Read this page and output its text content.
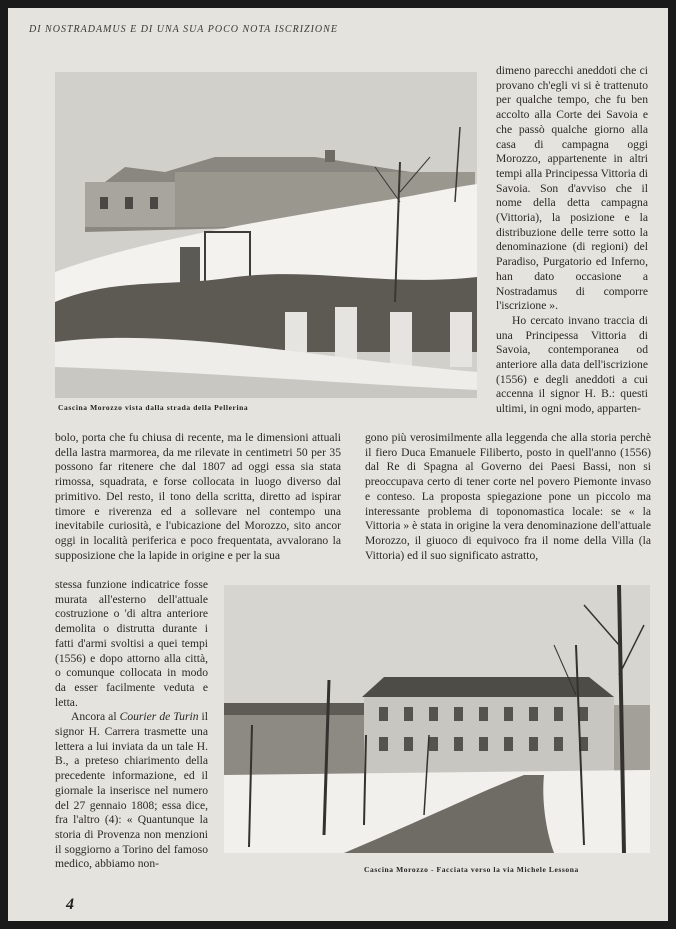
DI NOSTRADAMUS E DI UNA SUA POCO NOTA ISCRIZIONE
Cascina Morozzo vista dalla strada della Pellerina

dimeno parecchi aneddoti che ci provano ch'egli vi si è trattenuto per qualche tempo, che fu ben accolto alla Corte dei Savoia e che passò qualche giorno alla casa di campagna oggi Morozzo, appartenente in altri tempi alla Principessa Vittoria di Savoia. Son d'avviso che il nome della detta campagna (Vittoria), la posizione e la distribuzione delle terre sotto la denominazione (di regioni) del Paradiso, Purgatorio ed Inferno, han dato occasione a Nostradamus di comporre l'iscrizione ».

Ho cercato invano traccia di una Principessa Vittoria di Savoia, contemporanea od anteriore alla data dell'iscrizione (1556) e degli aneddoti a cui accenna il signor H. B.: questi ultimi, in ogni modo, apparten-

bolo, porta che fu chiusa di recente, ma le dimensioni attuali della lastra marmorea, da me rilevate in centimetri 50 per 35 possono far ritenere che dal 1807 ad oggi essa sia stata rimossa, squadrata, e forse collocata in luogo diverso dal primitivo. Del resto, il tono della scritta, diretto ad ispirar timore e riverenza ed a sollevare nel contempo una inevitabile curiosità, e l'ubicazione del Morozzo, sito ancor oggi in località periferica e poco frequentata, avvalorano la supposizione che la lapide in origine e per la sua

gono più verosimilmente alla leggenda che alla storia perchè il fiero Duca Emanuele Filiberto, posto in quell'anno (1556) dal Re di Spagna al Governo dei Paesi Bassi, non si preoccupava certo di tener corte nel povero Piemonte invaso e conteso. La proposta spiegazione pone un piccolo ma interessante problema di toponomastica locale: se « la Vittoria » è stata in origine la vera denominazione dell'attuale Morozzo, il giuoco di equivoco fra il nome della Villa (la Vittoria) ed il suo significato astratto,

stessa funzione indicatrice fosse murata all'esterno dell'attuale costruzione o 'di altra anteriore demolita o distrutta durante i fatti d'armi svoltisi a quei tempi (1556) e dopo attorno alla città, o comunque collocata in modo da esser facilmente veduta e letta.

Ancora al Courier de Turin il signor H. Carrera trasmette una lettera a lui inviata da un tale H. B., a preteso chiarimento della precedente informazione, ed il giornale la inserisce nel numero del 27 gennaio 1808; essa dice, fra l'altro (4): « Quantunque la storia di Provenza non menzioni il soggiorno a Torino del famoso medico, abbiamo non-	Cascina Morozzo - Facciata verso la via Michele Lessona
4
